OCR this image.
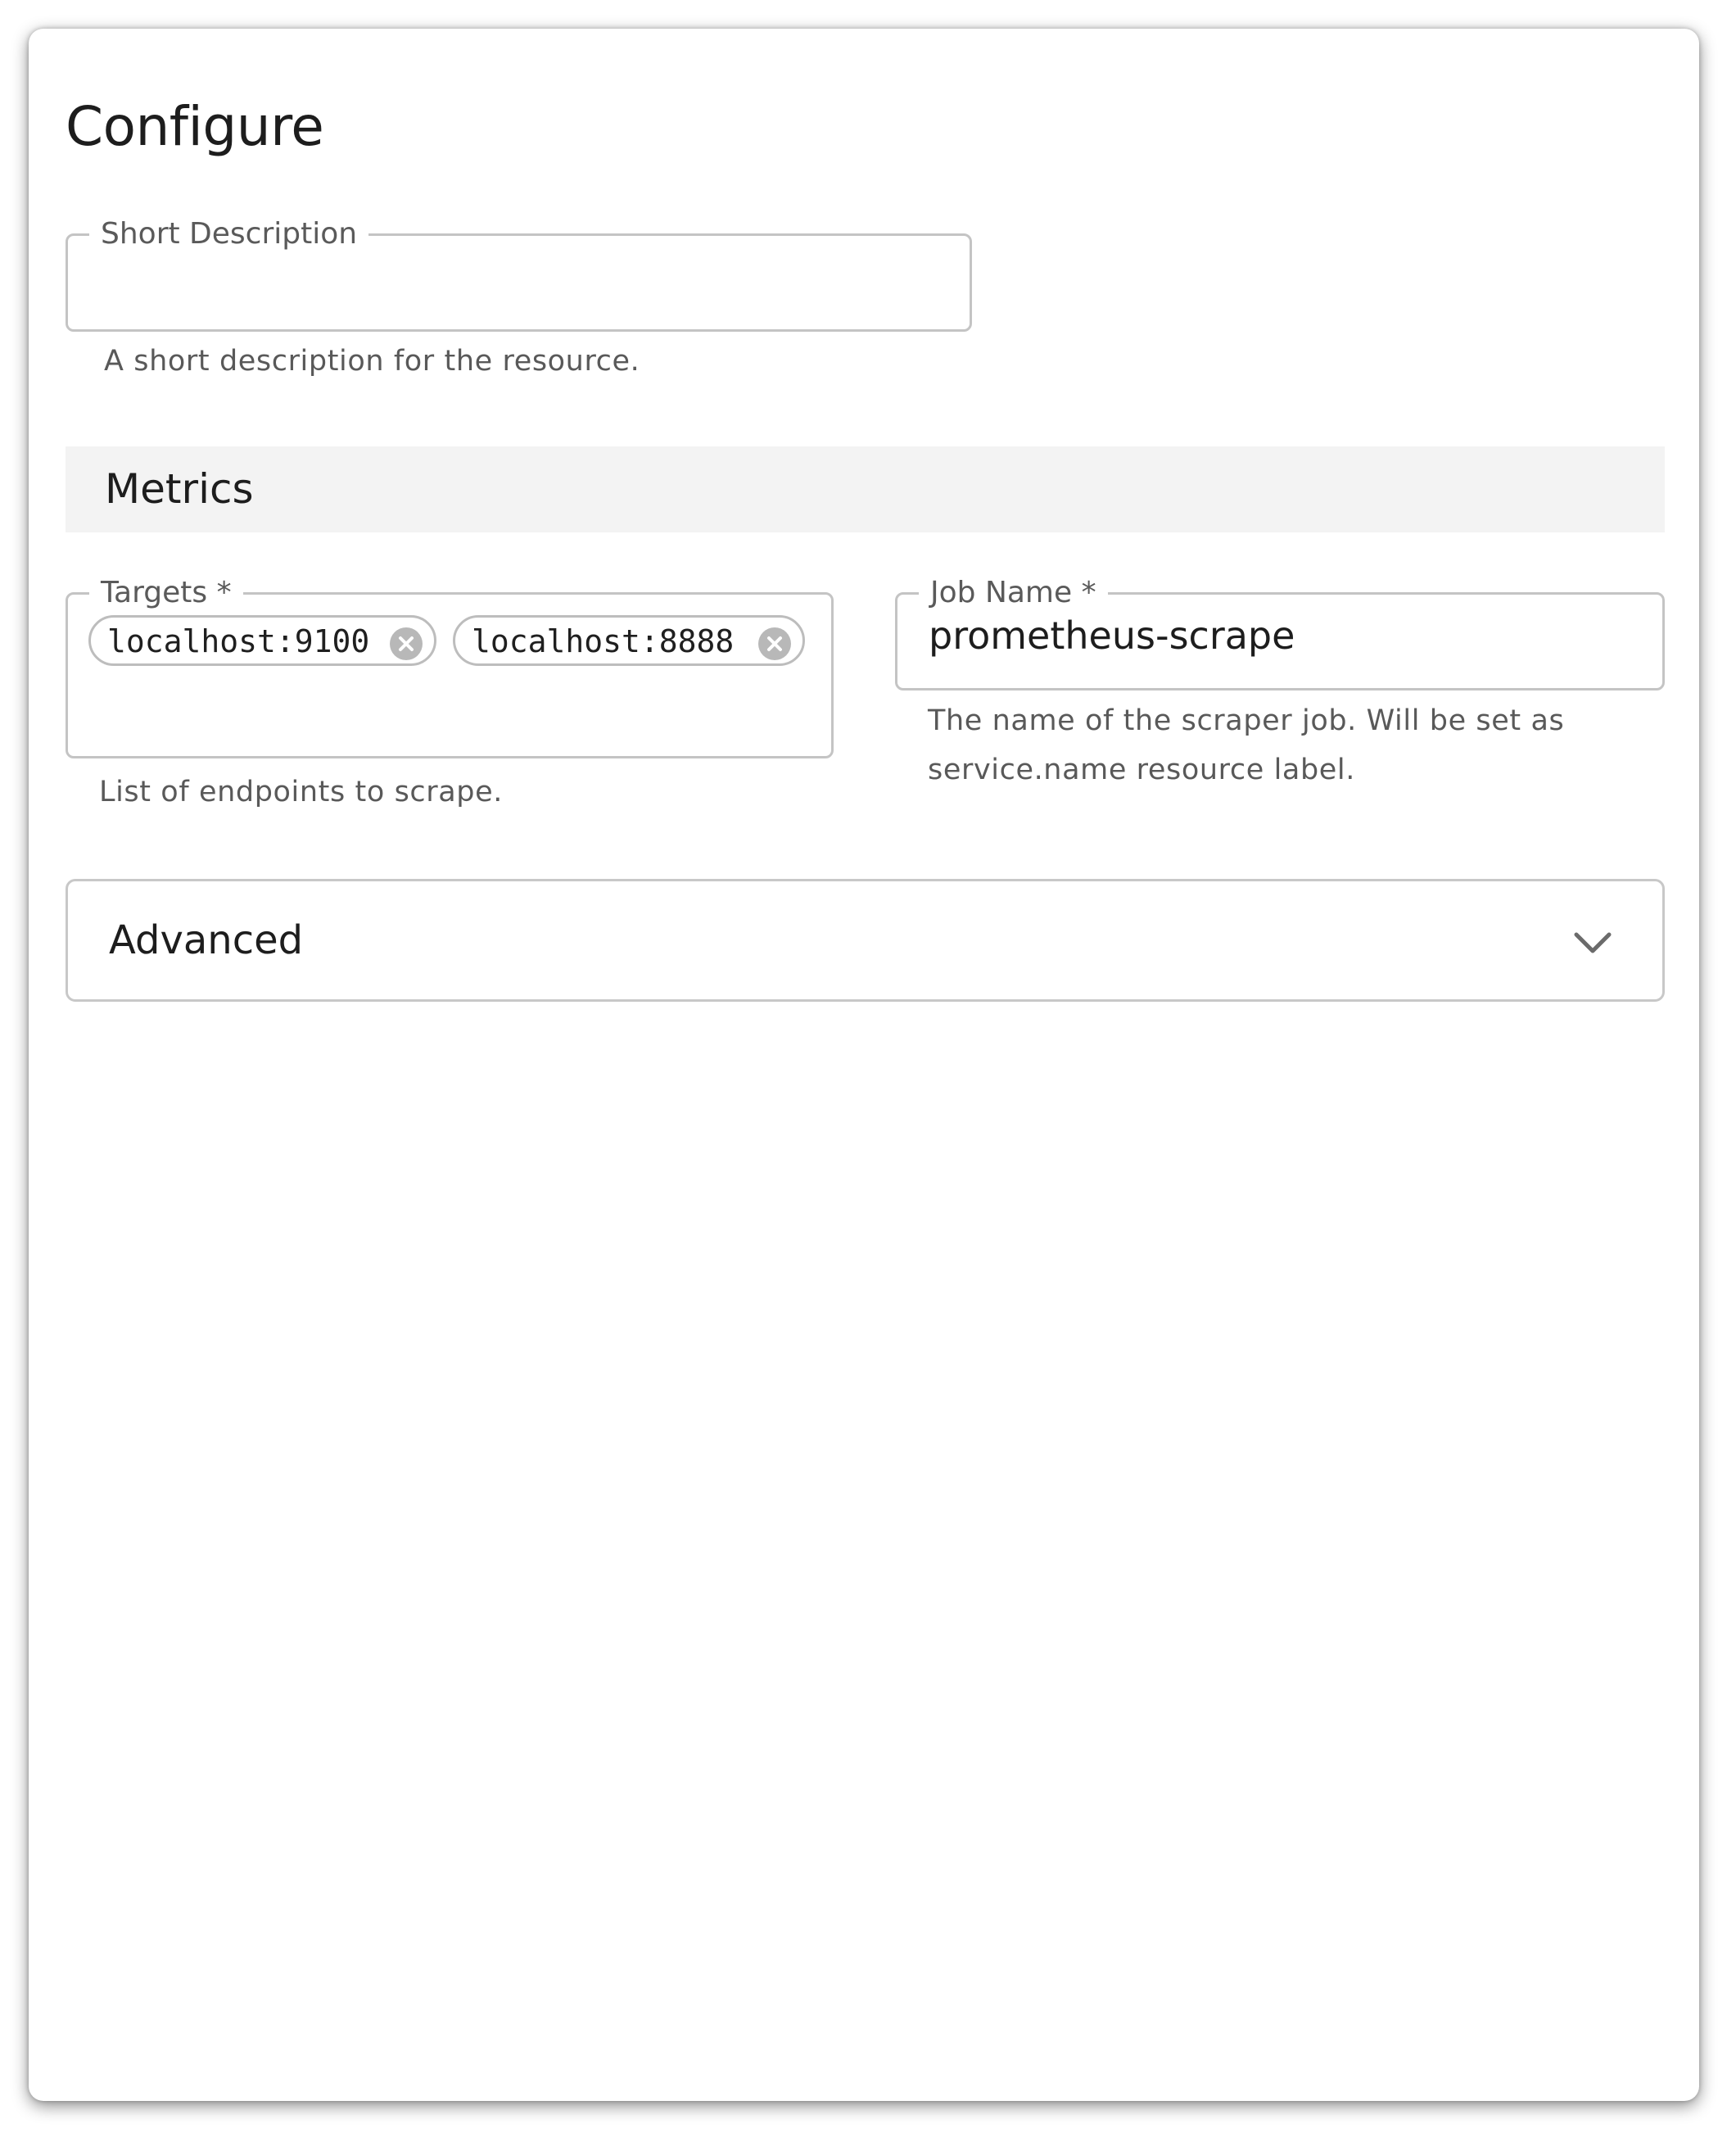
Configure
Short Description
A short description for the resource.
Metrics
Targets *
localhost:9100	localhost:8888
List of endpoints to scrape.
Job Name *
prometheus-scrape
The name of the scraper job. Will be set as
service.name resource label.
Advanced
